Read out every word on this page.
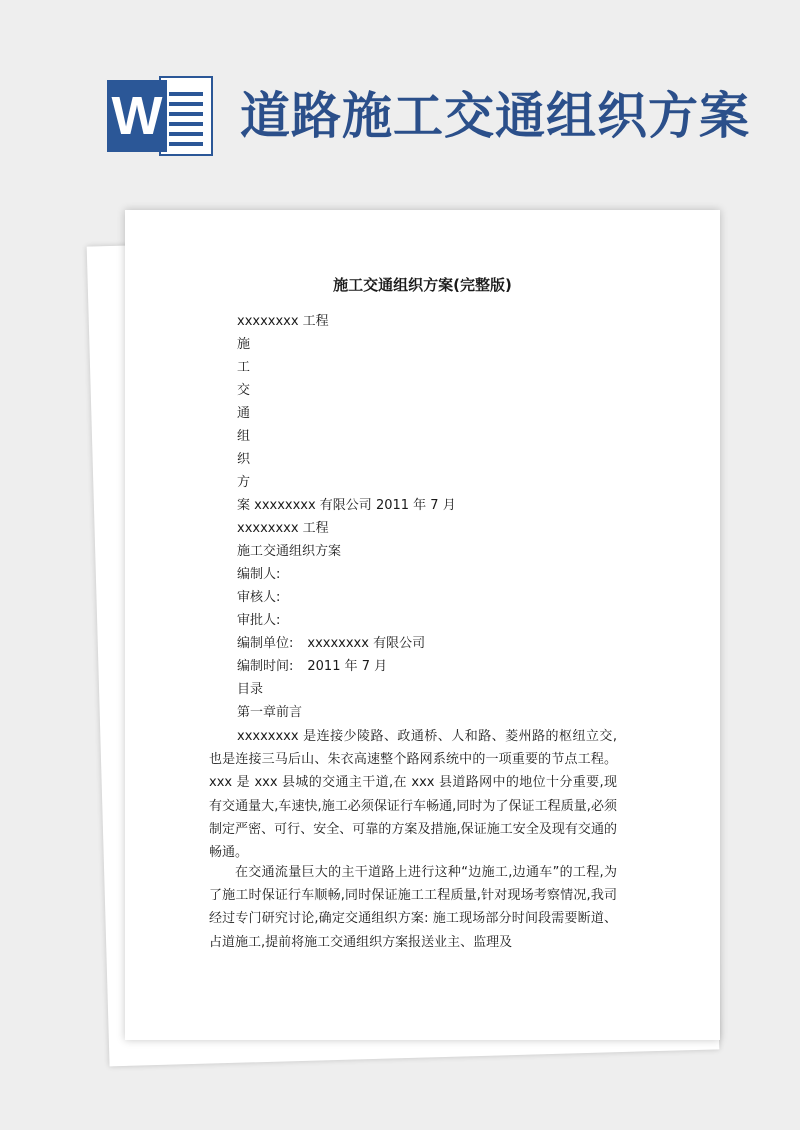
W 道路施工交通组织方案
施工交通组织方案(完整版)
xxxxxxxx 工程
施
工
交
通
组
织
方
案 xxxxxxxx 有限公司 2011 年 7 月
xxxxxxxx 工程
施工交通组织方案
编制人:
审核人:
审批人:
编制单位: xxxxxxxx 有限公司
编制时间: 2011 年 7 月
目录
第一章前言
xxxxxxxx 是连接少陵路、政通桥、人和路、菱州路的枢纽立交,也是连接三马后山、朱衣高速整个路网系统中的一项重要的节点工程。xxx 是 xxx 县城的交通主干道,在 xxx 县道路网中的地位十分重要,现有交通量大,车速快,施工必须保证行车畅通,同时为了保证工程质量,必须制定严密、可行、安全、可靠的方案及措施,保证施工安全及现有交通的畅通。
在交通流量巨大的主干道路上进行这种“边施工,边通车”的工程,为了施工时保证行车顺畅,同时保证施工工程质量,针对现场考察情况,我司经过专门研究讨论,确定交通组织方案: 施工现场部分时间段需要断道、占道施工,提前将施工交通组织方案报送业主、监理及
